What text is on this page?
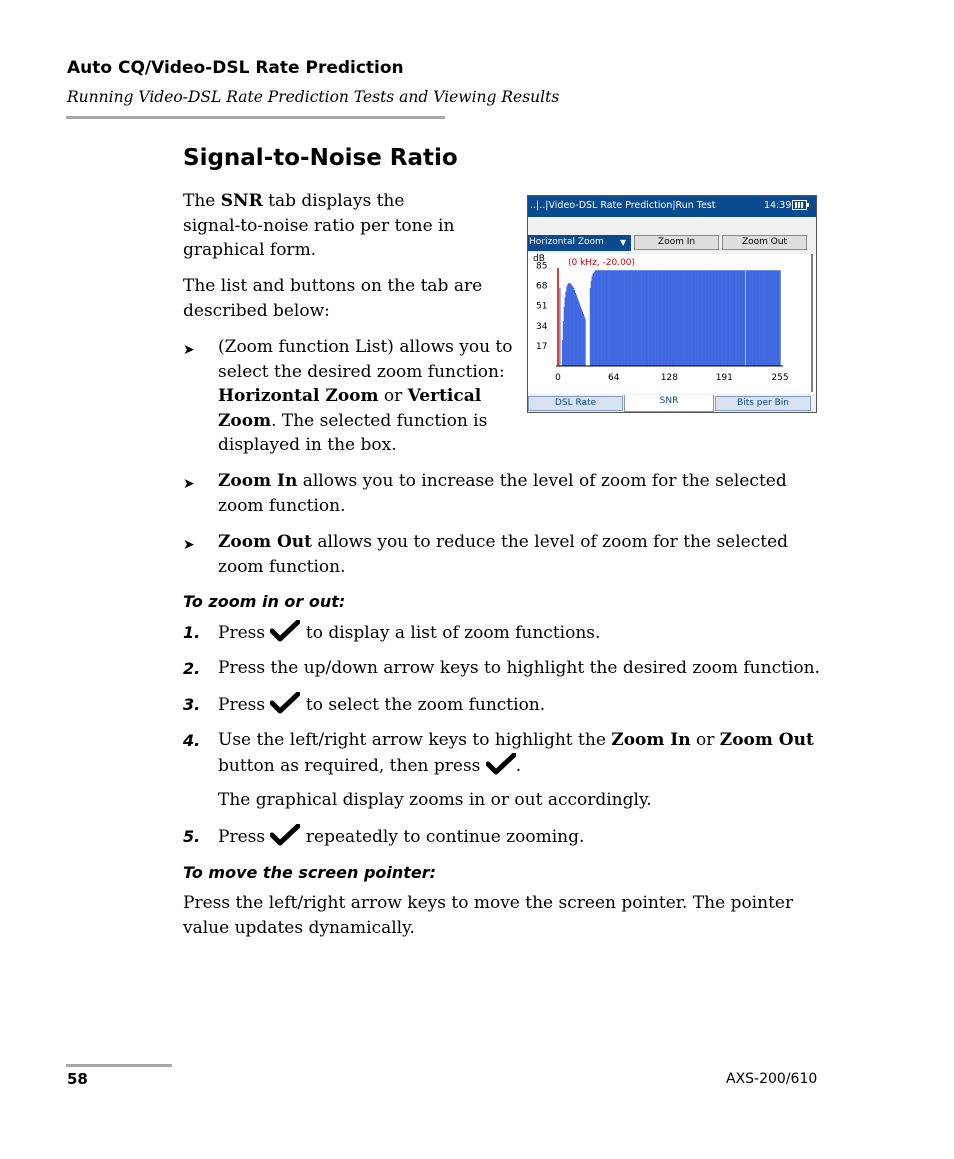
Auto CQ/Video-DSL Rate Prediction
Running Video-DSL Rate Prediction Tests and Viewing Results
Signal-to-Noise Ratio
The SNR tab displays the
signal-to-noise ratio per tone in
graphical form.
The list and buttons on the tab are
described below:
➤ (Zoom function List) allows you to
select the desired zoom function:
Horizontal Zoom or Vertical
Zoom. The selected function is
displayed in the box.
➤ Zoom In allows you to increase the level of zoom for the selected
zoom function.
➤ Zoom Out allows you to reduce the level of zoom for the selected
zoom function.
To zoom in or out:
1. Press  to display a list of zoom functions.
2. Press the up/down arrow keys to highlight the desired zoom function.
3. Press  to select the zoom function.
4. Use the left/right arrow keys to highlight the Zoom In or Zoom Out
button as required, then press .
The graphical display zooms in or out accordingly.
5. Press  repeatedly to continue zooming.
To move the screen pointer:
Press the left/right arrow keys to move the screen pointer. The pointer
value updates dynamically.
58	AXS-200/610
..|..|Video-DSL Rate Prediction|Run Test	14:39
Horizontal Zoom ▼	Zoom In	Zoom Out
dB	(0 kHz, -20.00)
85
68
51
34
17
0	64	128	191	255
DSL Rate	SNR	Bits per Bin
